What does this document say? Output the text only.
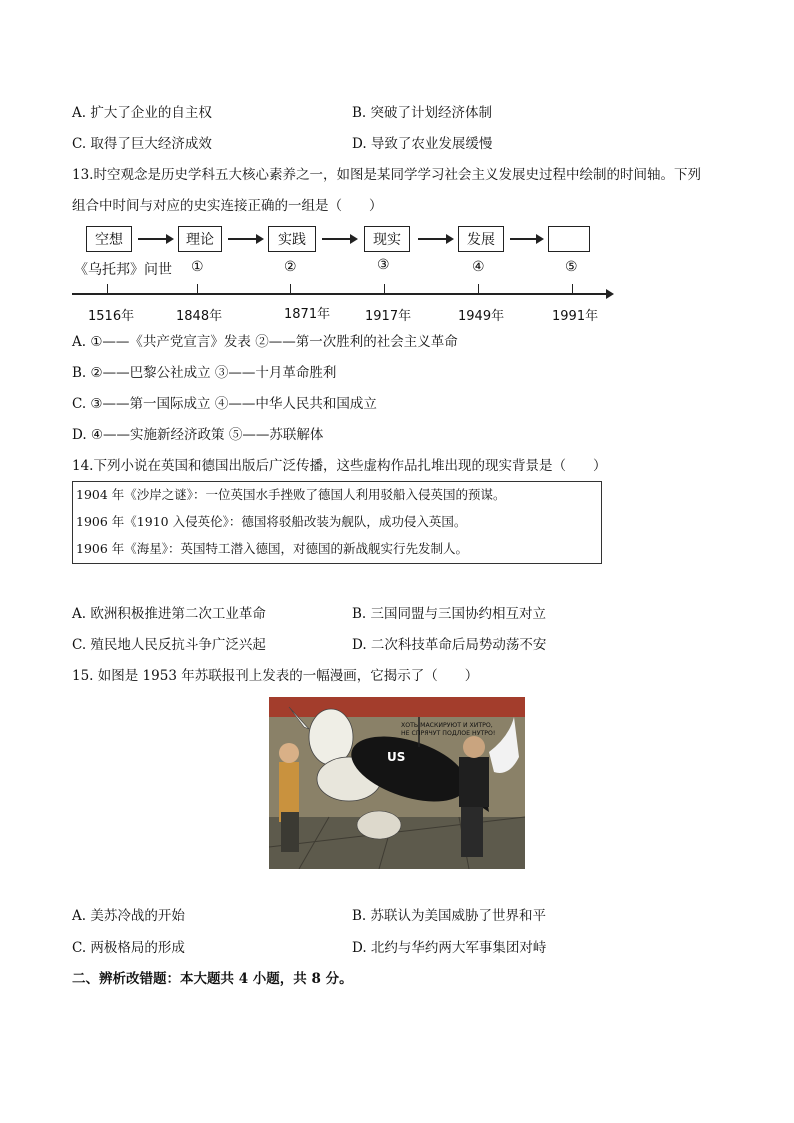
A. 扩大了企业的自主权	B. 突破了计划经济体制
C. 取得了巨大经济成效	D. 导致了农业发展缓慢
13.时空观念是历史学科五大核心素养之一，如图是某同学学习社会主义发展史过程中绘制的时间轴。下列
组合中时间与对应的史实连接正确的一组是（　　）
空想	理论	实践	现实	发展
《乌托邦》问世 ①	②	③	④	⑤
1516年	1848年	1871年	1917年	1949年	1991年
A. ①——《共产党宣言》发表 ②——第一次胜利的社会主义革命
B. ②——巴黎公社成立 ③——十月革命胜利
C. ③——第一国际成立 ④——中华人民共和国成立
D. ④——实施新经济政策 ⑤——苏联解体
14.下列小说在英国和德国出版后广泛传播，这些虚构作品扎堆出现的现实背景是（　　）
1904 年《沙岸之谜》：一位英国水手挫败了德国人利用驳船入侵英国的预谋。
1906 年《1910 入侵英伦》：德国将驳船改装为舰队，成功侵入英国。
1906 年《海星》：英国特工潜入德国，对德国的新战舰实行先发制人。
A. 欧洲积极推进第二次工业革命	B. 三国同盟与三国协约相互对立
C. 殖民地人民反抗斗争广泛兴起	D. 二次科技革命后局势动荡不安
15. 如图是 1953 年苏联报刊上发表的一幅漫画，它揭示了（　　）
US
ХОТЬ МАСКИРУЮТ И ХИТРО,
НЕ СПРЯЧУТ ПОДЛОЕ НУТРО!
A. 美苏冷战的开始	B. 苏联认为美国威胁了世界和平
C. 两极格局的形成	D. 北约与华约两大军事集团对峙
二、辨析改错题：本大题共 4 小题，共 8 分。
